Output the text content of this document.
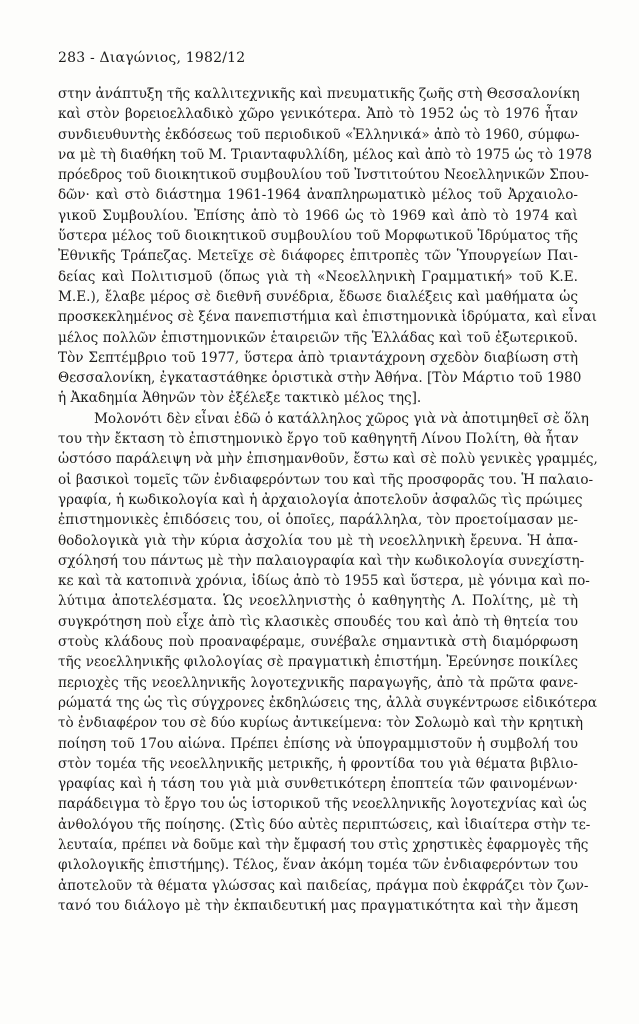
283 - Διαγώνιος, 1982/12
στην ἀνάπτυξη τῆς καλλιτεχνικῆς καὶ πνευματικῆς ζωῆς στὴ Θεσσαλονίκη
καὶ στὸν βορειοελλαδικὸ χῶρο γενικότερα. Ἀπὸ τὸ 1952 ὡς τὸ 1976 ἦταν
συνδιευθυντὴς ἐκδόσεως τοῦ περιοδικοῦ «Ἑλληνικά» ἀπὸ τὸ 1960, σύμφω-
να μὲ τὴ διαθήκη τοῦ Μ. Τριανταφυλλίδη, μέλος καὶ ἀπὸ τὸ 1975 ὡς τὸ 1978
πρόεδρος τοῦ διοικητικοῦ συμβουλίου τοῦ Ἰνστιτούτου Νεοελληνικῶν Σπου-
δῶν· καὶ στὸ διάστημα 1961-1964 ἀναπληρωματικὸ μέλος τοῦ Ἀρχαιολο-
γικοῦ Συμβουλίου. Ἐπίσης ἀπὸ τὸ 1966 ὡς τὸ 1969 καὶ ἀπὸ τὸ 1974 καὶ
ὕστερα μέλος τοῦ διοικητικοῦ συμβουλίου τοῦ Μορφωτικοῦ Ἱδρύματος τῆς
Ἐθνικῆς Τράπεζας. Μετεῖχε σὲ διάφορες ἐπιτροπὲς τῶν Ὑπουργείων Παι-
δείας καὶ Πολιτισμοῦ (ὅπως γιὰ τὴ «Νεοελληνικὴ Γραμματική» τοῦ Κ.Ε.
Μ.Ε.), ἔλαβε μέρος σὲ διεθνῆ συνέδρια, ἔδωσε διαλέξεις καὶ μαθήματα ὡς
προσκεκλημένος σὲ ξένα πανεπιστήμια καὶ ἐπιστημονικὰ ἱδρύματα, καὶ εἶναι
μέλος πολλῶν ἐπιστημονικῶν ἑταιρειῶν τῆς Ἑλλάδας καὶ τοῦ ἐξωτερικοῦ.
Τὸν Σεπτέμβριο τοῦ 1977, ὕστερα ἀπὸ τριαντάχρονη σχεδὸν διαβίωση στὴ
Θεσσαλονίκη, ἐγκαταστάθηκε ὁριστικὰ στὴν Ἀθήνα. [Τὸν Μάρτιο τοῦ 1980
ἡ Ἀκαδημία Ἀθηνῶν τὸν ἐξέλεξε τακτικὸ μέλος της].
Μολονότι δὲν εἶναι ἐδῶ ὁ κατάλληλος χῶρος γιὰ νὰ ἀποτιμηθεῖ σὲ ὅλη
του τὴν ἔκταση τὸ ἐπιστημονικὸ ἔργο τοῦ καθηγητῆ Λίνου Πολίτη, θὰ ἦταν
ὡστόσο παράλειψη νὰ μὴν ἐπισημανθοῦν, ἔστω καὶ σὲ πολὺ γενικὲς γραμμές,
οἱ βασικοὶ τομεῖς τῶν ἐνδιαφερόντων του καὶ τῆς προσφορᾶς του. Ἡ παλαιο-
γραφία, ἡ κωδικολογία καὶ ἡ ἀρχαιολογία ἀποτελοῦν ἀσφαλῶς τὶς πρώιμες
ἐπιστημονικὲς ἐπιδόσεις του, οἱ ὁποῖες, παράλληλα, τὸν προετοίμασαν με-
θοδολογικὰ γιὰ τὴν κύρια ἀσχολία του μὲ τὴ νεοελληνικὴ ἔρευνα. Ἡ ἀπα-
σχόλησή του πάντως μὲ τὴν παλαιογραφία καὶ τὴν κωδικολογία συνεχίστη-
κε καὶ τὰ κατοπινὰ χρόνια, ἰδίως ἀπὸ τὸ 1955 καὶ ὕστερα, μὲ γόνιμα καὶ πο-
λύτιμα ἀποτελέσματα. Ὡς νεοελληνιστὴς ὁ καθηγητὴς Λ. Πολίτης, μὲ τὴ
συγκρότηση ποὺ εἶχε ἀπὸ τὶς κλασικὲς σπουδές του καὶ ἀπὸ τὴ θητεία του
στοὺς κλάδους ποὺ προαναφέραμε, συνέβαλε σημαντικὰ στὴ διαμόρφωση
τῆς νεοελληνικῆς φιλολογίας σὲ πραγματικὴ ἐπιστήμη. Ἐρεύνησε ποικίλες
περιοχὲς τῆς νεοελληνικῆς λογοτεχνικῆς παραγωγῆς, ἀπὸ τὰ πρῶτα φανε-
ρώματά της ὡς τὶς σύγχρονες ἐκδηλώσεις της, ἀλλὰ συγκέντρωσε εἰδικότερα
τὸ ἐνδιαφέρον του σὲ δύο κυρίως ἀντικείμενα: τὸν Σολωμὸ καὶ τὴν κρητικὴ
ποίηση τοῦ 17ου αἰώνα. Πρέπει ἐπίσης νὰ ὑπογραμμιστοῦν ἡ συμβολή του
στὸν τομέα τῆς νεοελληνικῆς μετρικῆς, ἡ φροντίδα του γιὰ θέματα βιβλιο-
γραφίας καὶ ἡ τάση του γιὰ μιὰ συνθετικότερη ἐποπτεία τῶν φαινομένων·
παράδειγμα τὸ ἔργο του ὡς ἱστορικοῦ τῆς νεοελληνικῆς λογοτεχνίας καὶ ὡς
ἀνθολόγου τῆς ποίησης. (Στὶς δύο αὐτὲς περιπτώσεις, καὶ ἰδιαίτερα στὴν τε-
λευταία, πρέπει νὰ δοῦμε καὶ τὴν ἔμφασή του στὶς χρηστικὲς ἐφαρμογὲς τῆς
φιλολογικῆς ἐπιστήμης). Τέλος, ἕναν ἀκόμη τομέα τῶν ἐνδιαφερόντων του
ἀποτελοῦν τὰ θέματα γλώσσας καὶ παιδείας, πράγμα ποὺ ἐκφράζει τὸν ζων-
τανό του διάλογο μὲ τὴν ἐκπαιδευτική μας πραγματικότητα καὶ τὴν ἄμεση
